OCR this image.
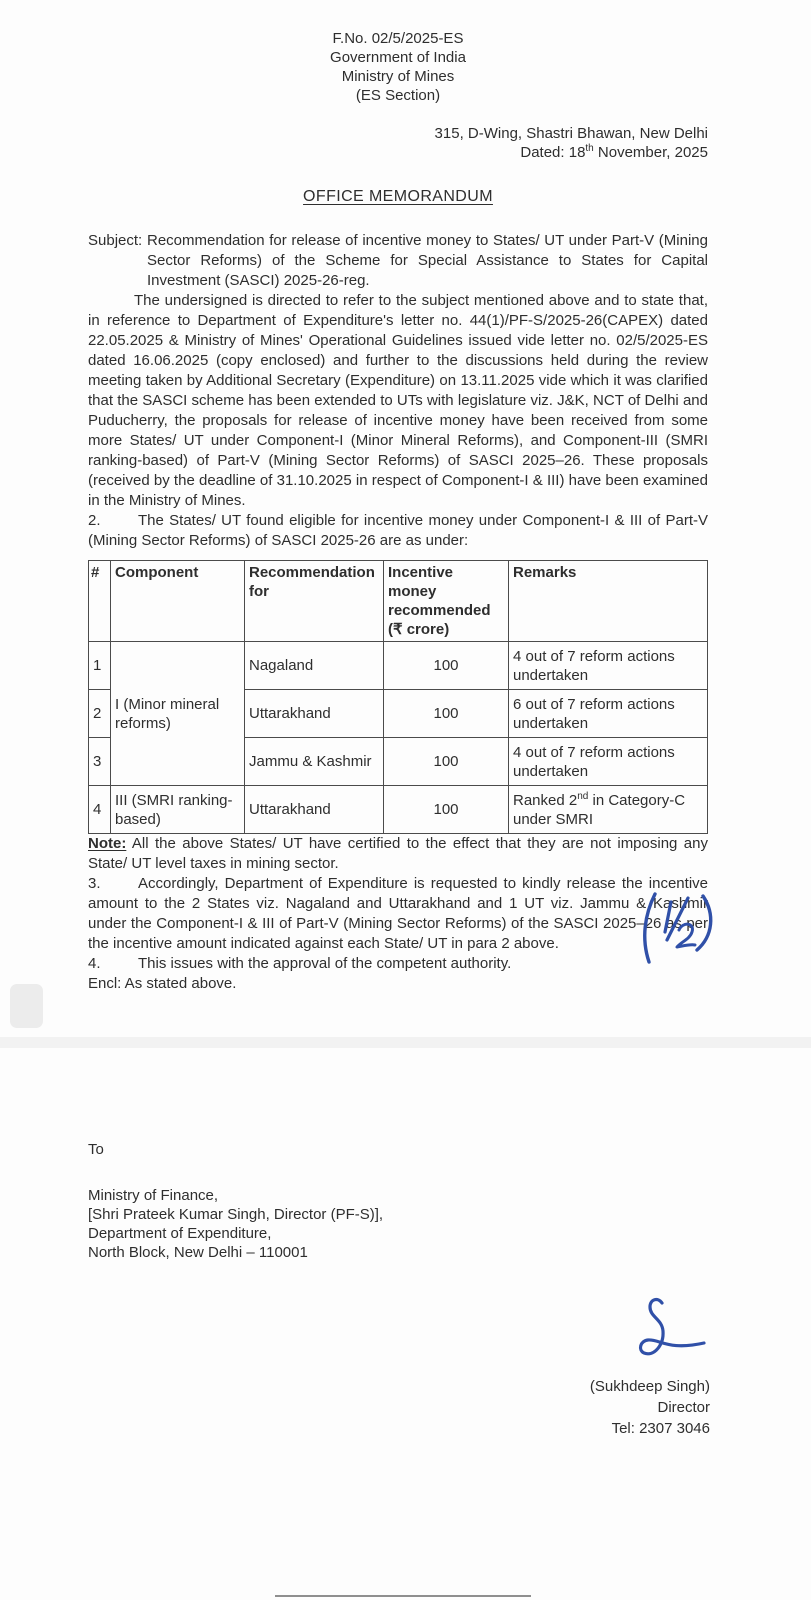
F.No. 02/5/2025-ES
Government of India
Ministry of Mines
(ES Section)
315, D-Wing, Shastri Bhawan, New Delhi
Dated: 18th November, 2025
OFFICE MEMORANDUM
Subject: Recommendation for release of incentive money to States/ UT under Part-V (Mining Sector Reforms) of the Scheme for Special Assistance to States for Capital Investment (SASCI) 2025-26-reg.

The undersigned is directed to refer to the subject mentioned above and to state that, in reference to Department of Expenditure's letter no. 44(1)/PF-S/2025-26(CAPEX) dated 22.05.2025 & Ministry of Mines' Operational Guidelines issued vide letter no. 02/5/2025-ES dated 16.06.2025 (copy enclosed) and further to the discussions held during the review meeting taken by Additional Secretary (Expenditure) on 13.11.2025 vide which it was clarified that the SASCI scheme has been extended to UTs with legislature viz. J&K, NCT of Delhi and Puducherry, the proposals for release of incentive money have been received from some more States/ UT under Component-I (Minor Mineral Reforms), and Component-III (SMRI ranking-based) of Part-V (Mining Sector Reforms) of SASCI 2025–26. These proposals (received by the deadline of 31.10.2025 in respect of Component-I & III) have been examined in the Ministry of Mines.

2. The States/ UT found eligible for incentive money under Component-I & III of Part-V (Mining Sector Reforms) of SASCI 2025-26 are as under:

#	Component	Recommendation for	Incentive money recommended (₹ crore)	Remarks
1	I (Minor mineral reforms)	Nagaland	100	4 out of 7 reform actions undertaken
2		Uttarakhand	100	6 out of 7 reform actions undertaken
3		Jammu & Kashmir	100	4 out of 7 reform actions undertaken
4	III (SMRI ranking-based)	Uttarakhand	100	Ranked 2nd in Category-C under SMRI

Note: All the above States/ UT have certified to the effect that they are not imposing any State/ UT level taxes in mining sector.

3. Accordingly, Department of Expenditure is requested to kindly release the incentive amount to the 2 States viz. Nagaland and Uttarakhand and 1 UT viz. Jammu & Kashmir under the Component-I & III of Part-V (Mining Sector Reforms) of the SASCI 2025–26 as per the incentive amount indicated against each State/ UT in para 2 above.

4. This issues with the approval of the competent authority.

Encl: As stated above.

To
Ministry of Finance,
[Shri Prateek Kumar Singh, Director (PF-S)],
Department of Expenditure,
North Block, New Delhi – 110001
(Sukhdeep Singh)
Director
Tel: 2307 3046
